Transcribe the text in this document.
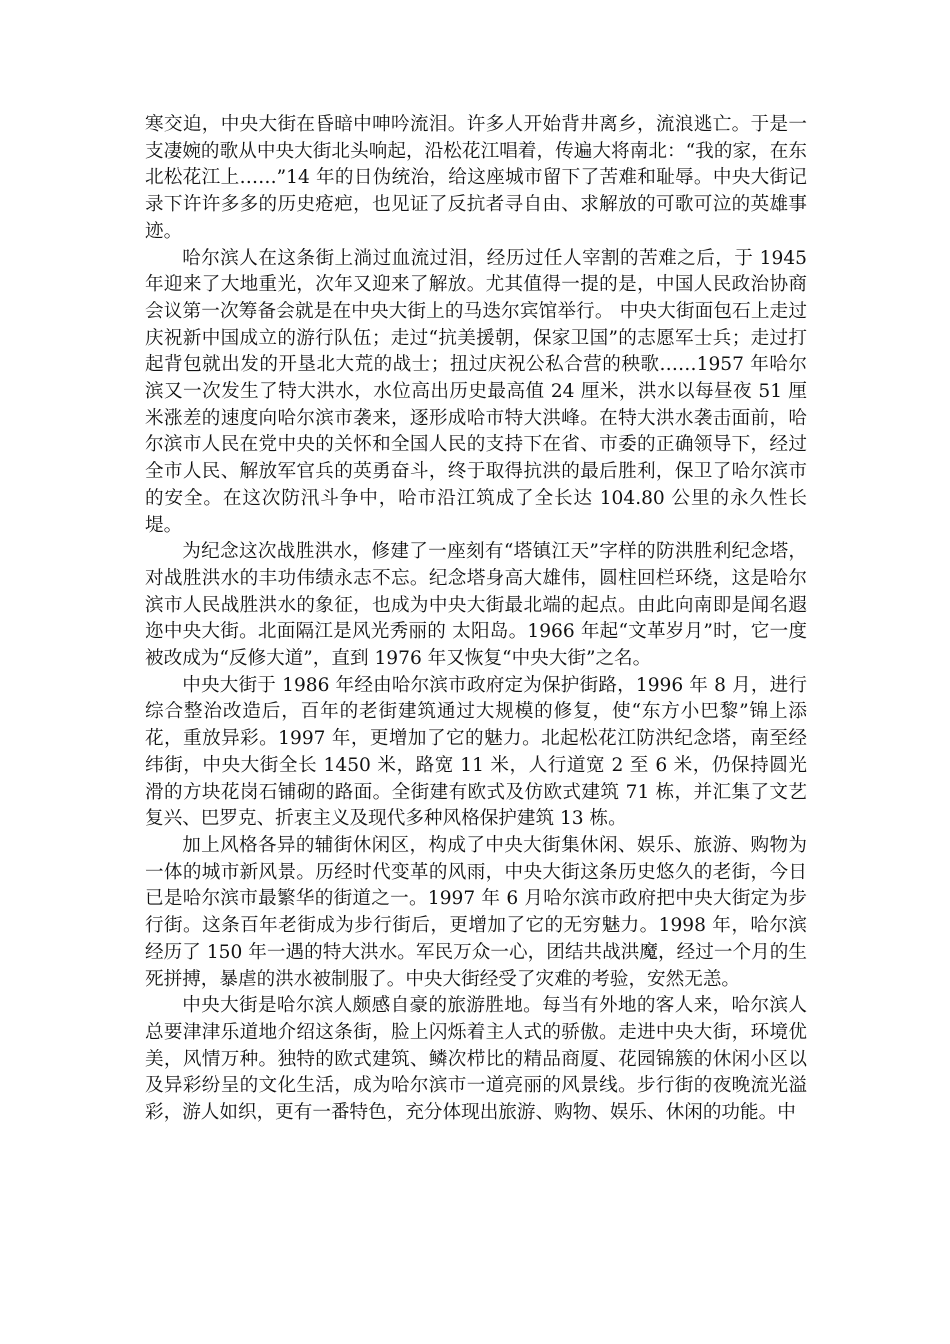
寒交迫，中央大街在昏暗中呻吟流泪。许多人开始背井离乡，流浪逃亡。于是一支凄婉的歌从中央大街北头响起，沿松花江唱着，传遍大将南北：“我的家，在东北松花江上……”14 年的日伪统治，给这座城市留下了苦难和耻辱。中央大街记录下许许多多的历史疮疤，也见证了反抗者寻自由、求解放的可歌可泣的英雄事迹。

哈尔滨人在这条街上淌过血流过泪，经历过任人宰割的苦难之后，于 1945 年迎来了大地重光，次年又迎来了解放。尤其值得一提的是，中国人民政治协商会议第一次筹备会就是在中央大街上的马迭尔宾馆举行。 中央大街面包石上走过庆祝新中国成立的游行队伍；走过“抗美援朝，保家卫国”的志愿军士兵；走过打起背包就出发的开垦北大荒的战士；扭过庆祝公私合营的秧歌……1957 年哈尔滨又一次发生了特大洪水，水位高出历史最高值 24 厘米，洪水以每昼夜 51 厘米涨差的速度向哈尔滨市袭来，逐形成哈市特大洪峰。在特大洪水袭击面前，哈尔滨市人民在党中央的关怀和全国人民的支持下在省、市委的正确领导下，经过全市人民、解放军官兵的英勇奋斗，终于取得抗洪的最后胜利，保卫了哈尔滨市的安全。在这次防汛斗争中，哈市沿江筑成了全长达 104.80 公里的永久性长堤。

为纪念这次战胜洪水，修建了一座刻有“塔镇江天”字样的防洪胜利纪念塔，对战胜洪水的丰功伟绩永志不忘。纪念塔身高大雄伟，圆柱回栏环绕，这是哈尔滨市人民战胜洪水的象征，也成为中央大街最北端的起点。由此向南即是闻名遐迩中央大街。北面隔江是风光秀丽的 太阳岛。1966 年起“文革岁月”时，它一度被改成为“反修大道”，直到 1976 年又恢复“中央大街”之名。

中央大街于 1986 年经由哈尔滨市政府定为保护街路，1996 年 8 月，进行综合整治改造后，百年的老街建筑通过大规模的修复，使“东方小巴黎”锦上添花，重放异彩。1997 年，更增加了它的魅力。北起松花江防洪纪念塔，南至经纬街，中央大街全长 1450 米，路宽 11 米，人行道宽 2 至 6 米，仍保持圆光滑的方块花岗石铺砌的路面。全街建有欧式及仿欧式建筑 71 栋，并汇集了文艺复兴、巴罗克、折衷主义及现代多种风格保护建筑 13 栋。

加上风格各异的辅街休闲区，构成了中央大街集休闲、娱乐、旅游、购物为一体的城市新风景。历经时代变革的风雨，中央大街这条历史悠久的老街，今日已是哈尔滨市最繁华的街道之一。1997 年 6 月哈尔滨市政府把中央大街定为步行街。这条百年老街成为步行街后，更增加了它的无穷魅力。1998 年，哈尔滨经历了 150 年一遇的特大洪水。军民万众一心，团结共战洪魔，经过一个月的生死拼搏，暴虐的洪水被制服了。中央大街经受了灾难的考验，安然无恙。

中央大街是哈尔滨人颇感自豪的旅游胜地。每当有外地的客人来，哈尔滨人总要津津乐道地介绍这条街，脸上闪烁着主人式的骄傲。走进中央大街，环境优美，风情万种。独特的欧式建筑、鳞次栉比的精品商厦、花园锦簇的休闲小区以及异彩纷呈的文化生活，成为哈尔滨市一道亮丽的风景线。步行街的夜晚流光溢彩，游人如织，更有一番特色，充分体现出旅游、购物、娱乐、休闲的功能。中
